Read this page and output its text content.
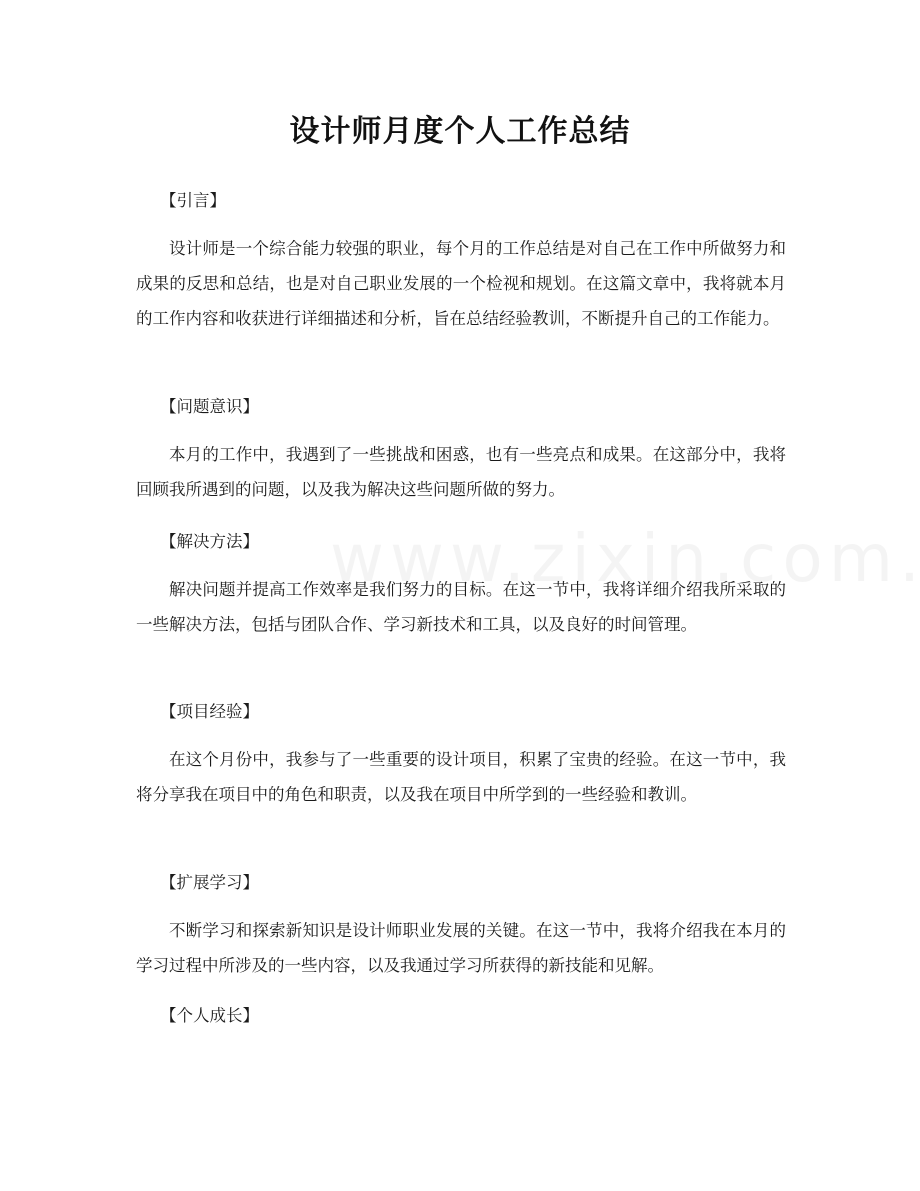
设计师月度个人工作总结
【引言】

设计师是一个综合能力较强的职业，每个月的工作总结是对自己在工作中所做努力和成果的反思和总结，也是对自己职业发展的一个检视和规划。在这篇文章中，我将就本月的工作内容和收获进行详细描述和分析，旨在总结经验教训，不断提升自己的工作能力。

【问题意识】

本月的工作中，我遇到了一些挑战和困惑，也有一些亮点和成果。在这部分中，我将回顾我所遇到的问题，以及我为解决这些问题所做的努力。

【解决方法】

解决问题并提高工作效率是我们努力的目标。在这一节中，我将详细介绍我所采取的一些解决方法，包括与团队合作、学习新技术和工具，以及良好的时间管理。

【项目经验】

在这个月份中，我参与了一些重要的设计项目，积累了宝贵的经验。在这一节中，我将分享我在项目中的角色和职责，以及我在项目中所学到的一些经验和教训。

【扩展学习】

不断学习和探索新知识是设计师职业发展的关键。在这一节中，我将介绍我在本月的学习过程中所涉及的一些内容，以及我通过学习所获得的新技能和见解。

【个人成长】
